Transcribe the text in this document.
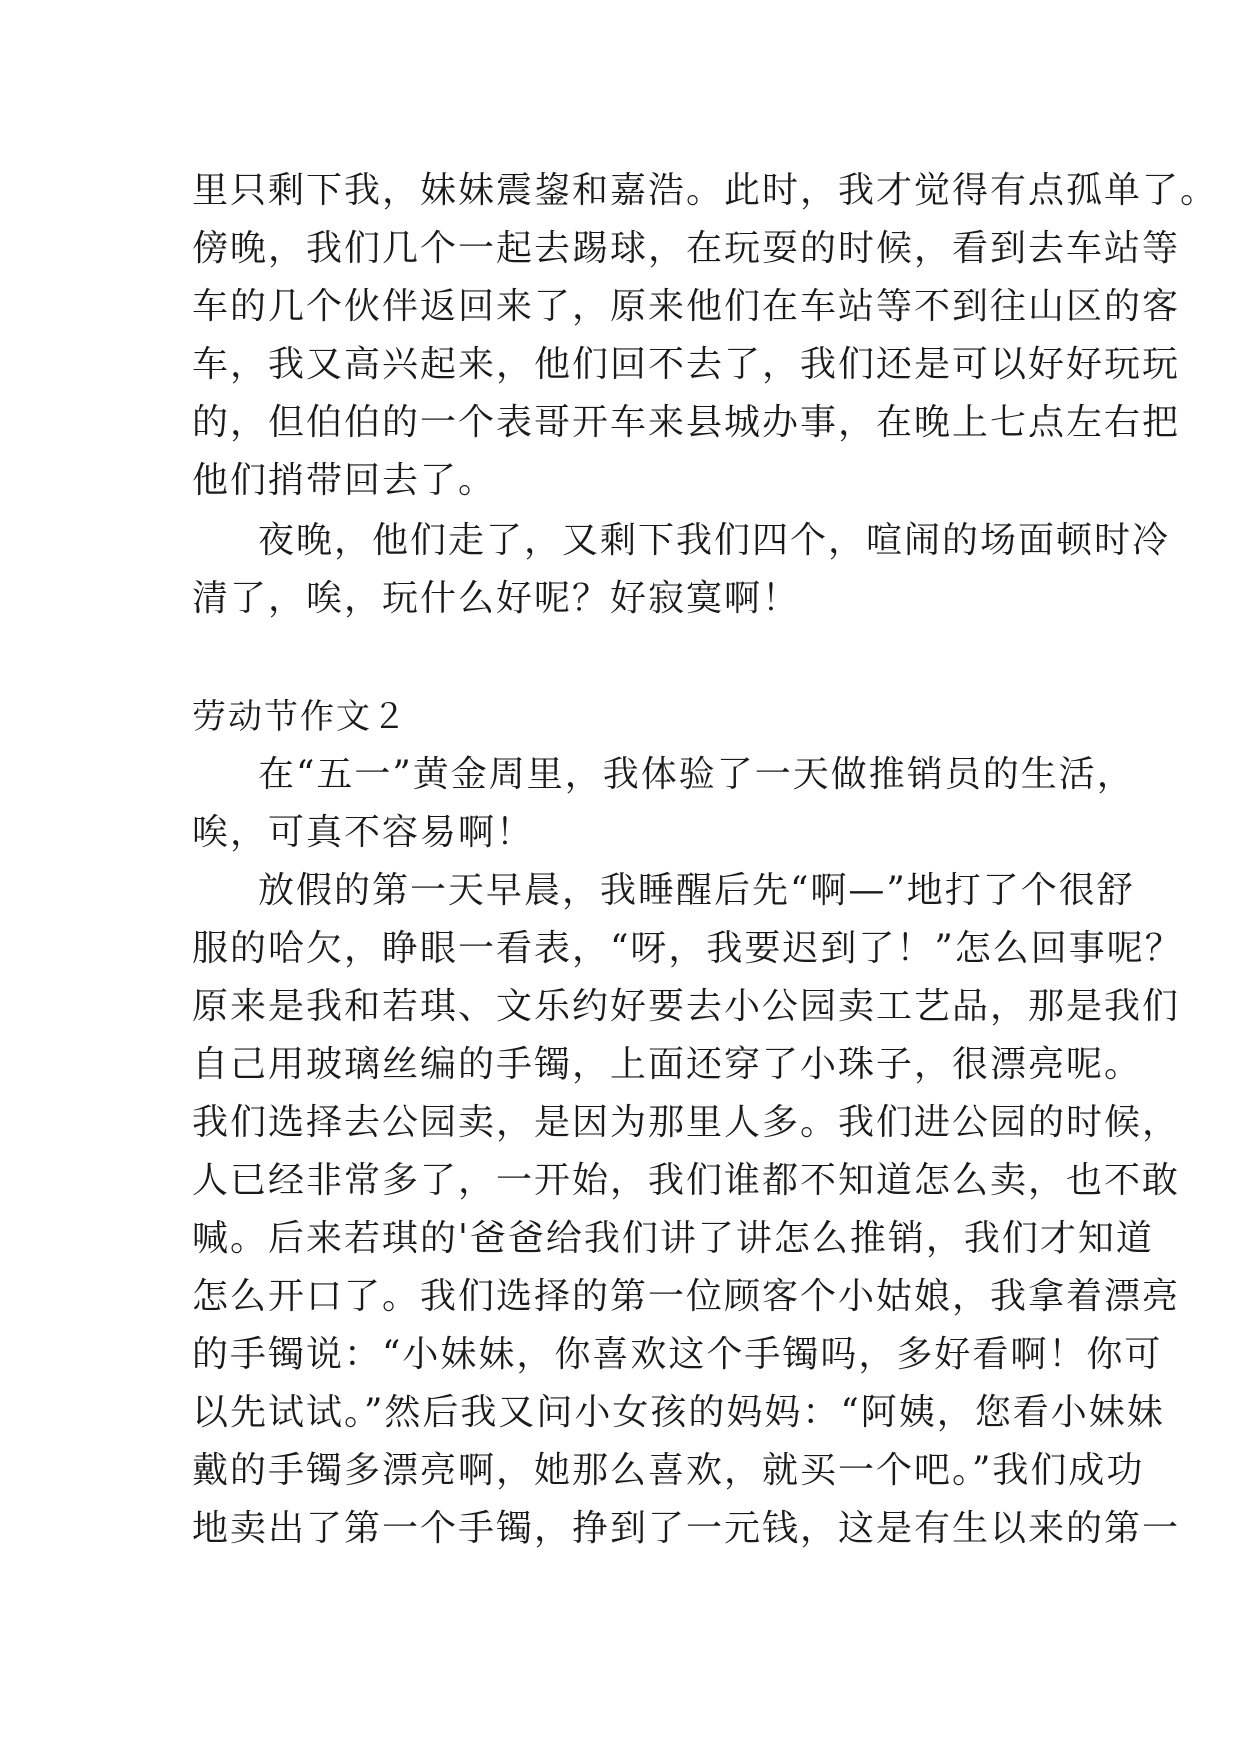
里只剩下我，妹妹震鋆和嘉浩。此时，我才觉得有点孤单了。
傍晚，我们几个一起去踢球，在玩耍的时候，看到去车站等
车的几个伙伴返回来了，原来他们在车站等不到往山区的客
车，我又高兴起来，他们回不去了，我们还是可以好好玩玩
的，但伯伯的一个表哥开车来县城办事，在晚上七点左右把
他们捎带回去了。
夜晚，他们走了，又剩下我们四个，喧闹的场面顿时冷
清了，唉，玩什么好呢？好寂寞啊！
劳动节作文２
在“五一”黄金周里，我体验了一天做推销员的生活，
唉，可真不容易啊！
放假的第一天早晨，我睡醒后先“啊—”地打了个很舒
服的哈欠，睁眼一看表，“呀，我要迟到了！”怎么回事呢？
原来是我和若琪、文乐约好要去小公园卖工艺品，那是我们
自己用玻璃丝编的手镯，上面还穿了小珠子，很漂亮呢。
我们选择去公园卖，是因为那里人多。我们进公园的时候，
人已经非常多了，一开始，我们谁都不知道怎么卖，也不敢
喊。后来若琪的'爸爸给我们讲了讲怎么推销，我们才知道
怎么开口了。我们选择的第一位顾客个小姑娘，我拿着漂亮
的手镯说：“小妹妹，你喜欢这个手镯吗，多好看啊！你可
以先试试。”然后我又问小女孩的妈妈：“阿姨，您看小妹妹
戴的手镯多漂亮啊，她那么喜欢，就买一个吧。”我们成功
地卖出了第一个手镯，挣到了一元钱，这是有生以来的第一
